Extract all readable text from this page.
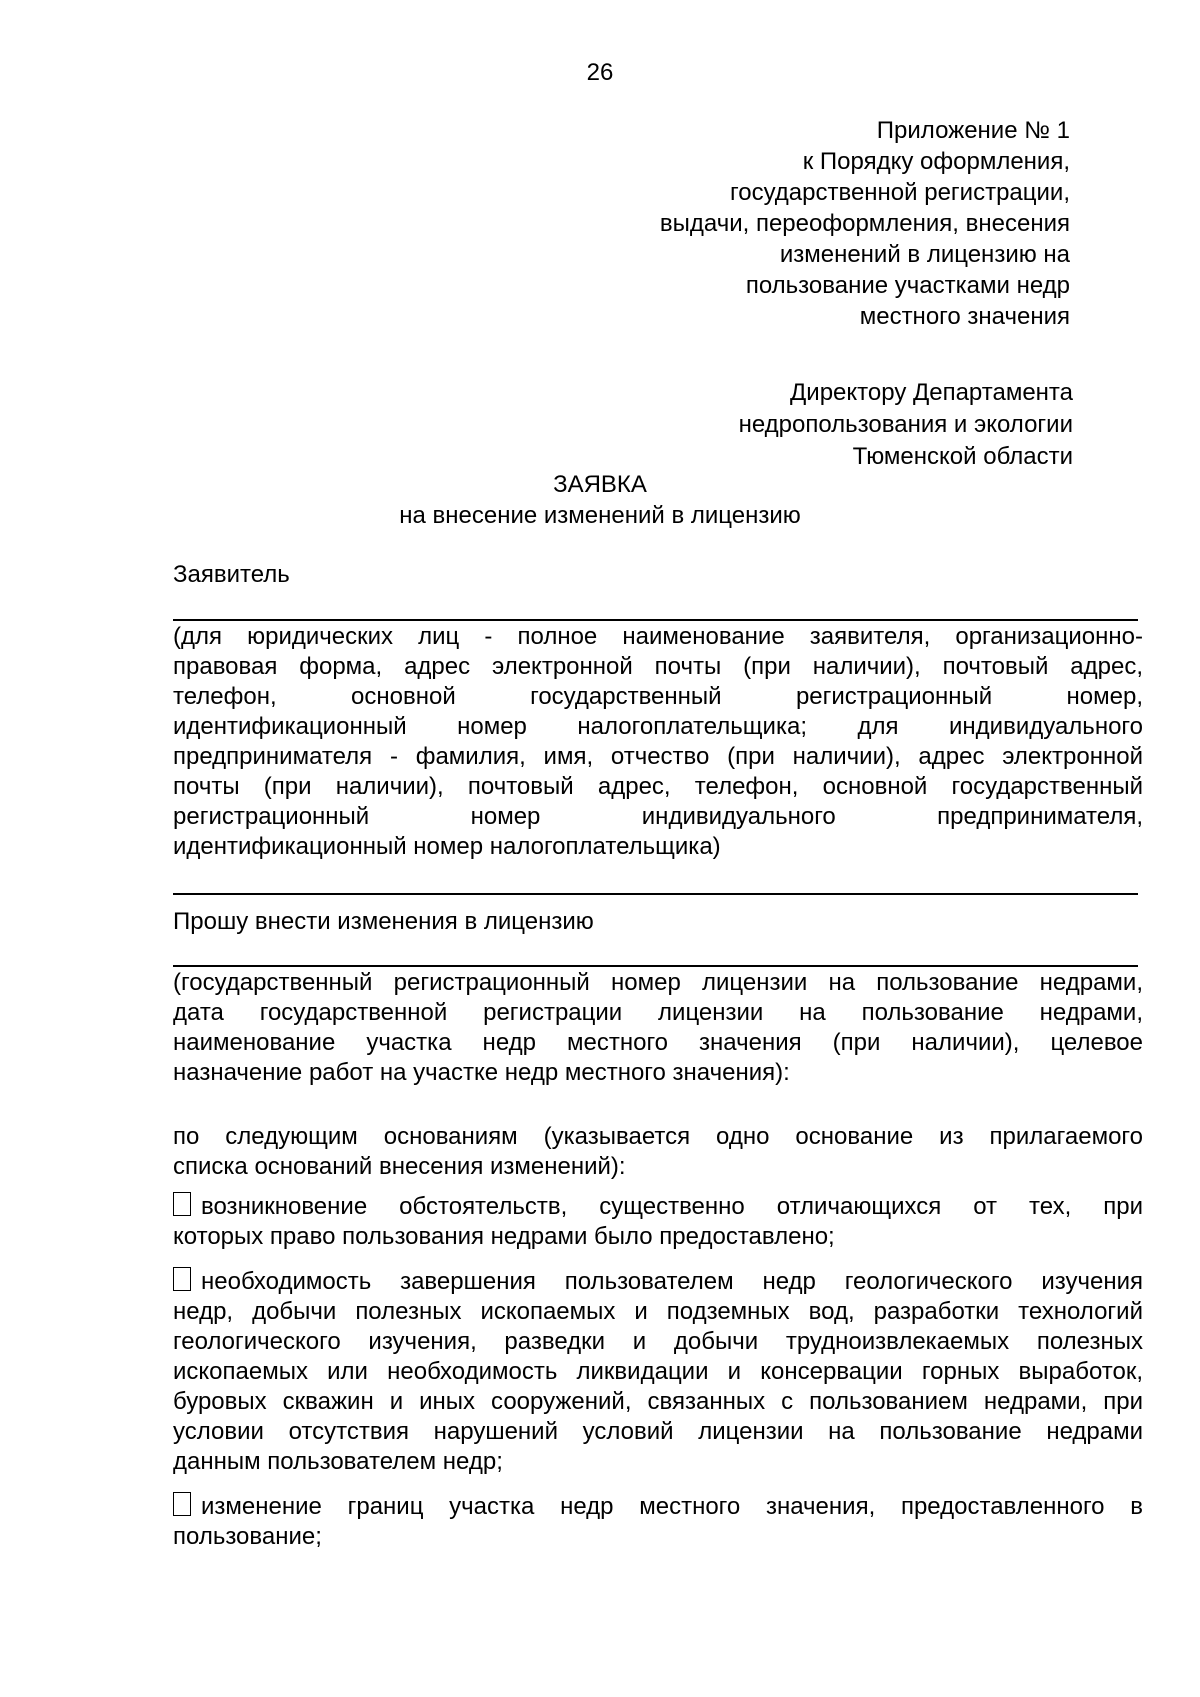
26
Приложение № 1
к Порядку оформления,
государственной регистрации,
выдачи, переоформления, внесения
изменений в лицензию на
пользование участками недр
местного значения
Директору Департамента
недропользования и экологии
Тюменской области
ЗАЯВКА
на внесение изменений в лицензию
Заявитель
(для юридических лиц - полное наименование заявителя, организационно-
правовая форма, адрес электронной почты (при наличии), почтовый адрес,
телефон, основной государственный регистрационный номер,
идентификационный номер налогоплательщика; для индивидуального
предпринимателя - фамилия, имя, отчество (при наличии), адрес электронной
почты (при наличии), почтовый адрес, телефон, основной государственный
регистрационный номер индивидуального предпринимателя,
идентификационный номер налогоплательщика)
Прошу внести изменения в лицензию
(государственный регистрационный номер лицензии на пользование недрами,
дата государственной регистрации лицензии на пользование недрами,
наименование участка недр местного значения (при наличии), целевое
назначение работ на участке недр местного значения):
по следующим основаниям (указывается одно основание из прилагаемого
списка оснований внесения изменений):
возникновение обстоятельств, существенно отличающихся от тех, при
которых право пользования недрами было предоставлено;
необходимость завершения пользователем недр геологического изучения
недр, добычи полезных ископаемых и подземных вод, разработки технологий
геологического изучения, разведки и добычи трудноизвлекаемых полезных
ископаемых или необходимость ликвидации и консервации горных выработок,
буровых скважин и иных сооружений, связанных с пользованием недрами, при
условии отсутствия нарушений условий лицензии на пользование недрами
данным пользователем недр;
изменение границ участка недр местного значения, предоставленного в
пользование;
